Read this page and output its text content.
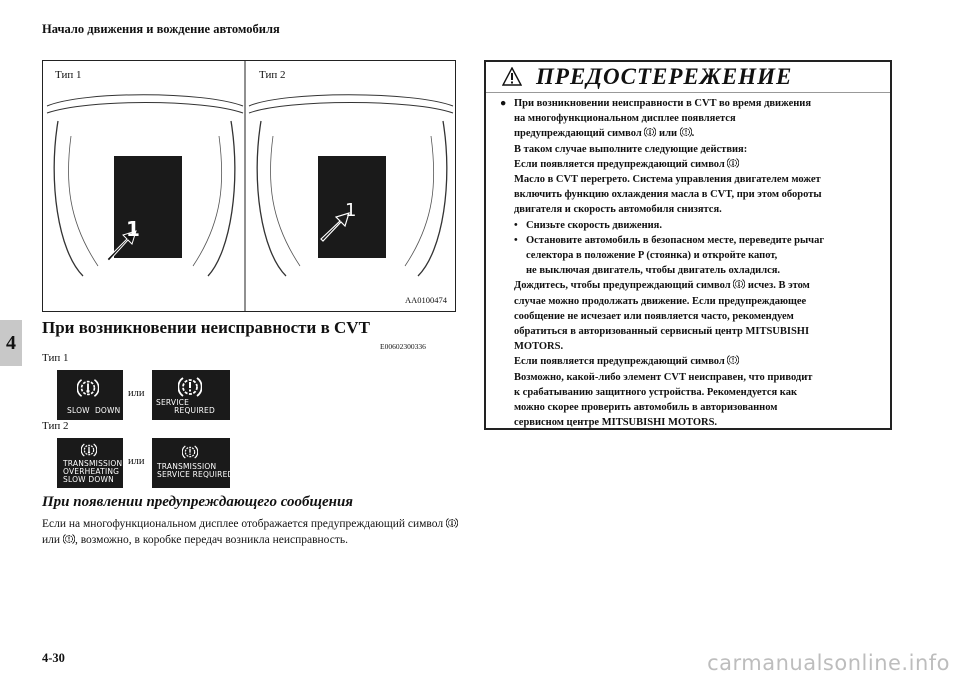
Начало движения и вождение автомобиля
4
Тип 1	Тип 2
1
1
AA0100474
При возникновении неисправности в CVT
E00602300336
Тип 1
SLOW  DOWN
или
SERVICE
REQUIRED
Тип 2
TRANSMISSION
OVERHEATING
SLOW DOWN
или TRANSMISSION
SERVICE REQUIRED
При появлении предупреждающего сообщения
Если на многофункциональном дисплее отображается предупреждающий символ  или , возможно, в коробке передач возникла неисправность.
ПРЕДОСТЕРЕЖЕНИЕ

● При возникновении неисправности в CVT во время движения

на многофункциональном дисплее появляется

предупреждающий символ или .

В таком случае выполните следующие действия:

Если появляется предупреждающий символ

Масло в CVT перегрето. Система управления двигателем может

включить функцию охлаждения масла в CVT, при этом обороты

двигателя и скорость автомобиля снизятся.

• Снизьте скорость движения.

• Остановите автомобиль в безопасном месте, переведите рычаг

селектора в положение P (стоянка) и откройте капот,

не выключая двигатель, чтобы двигатель охладился.

Дождитесь, чтобы предупреждающий символ исчез. В этом

случае можно продолжать движение. Если предупреждающее

сообщение не исчезает или появляется часто, рекомендуем

обратиться в авторизованный сервисный центр MITSUBISHI

MOTORS.

Если появляется предупреждающий символ

Возможно, какой-либо элемент CVT неисправен, что приводит

к срабатыванию защитного устройства. Рекомендуется как

можно скорее проверить автомобиль в авторизованном

сервисном центре MITSUBISHI MOTORS.

4-30	carmanualsonline.info
